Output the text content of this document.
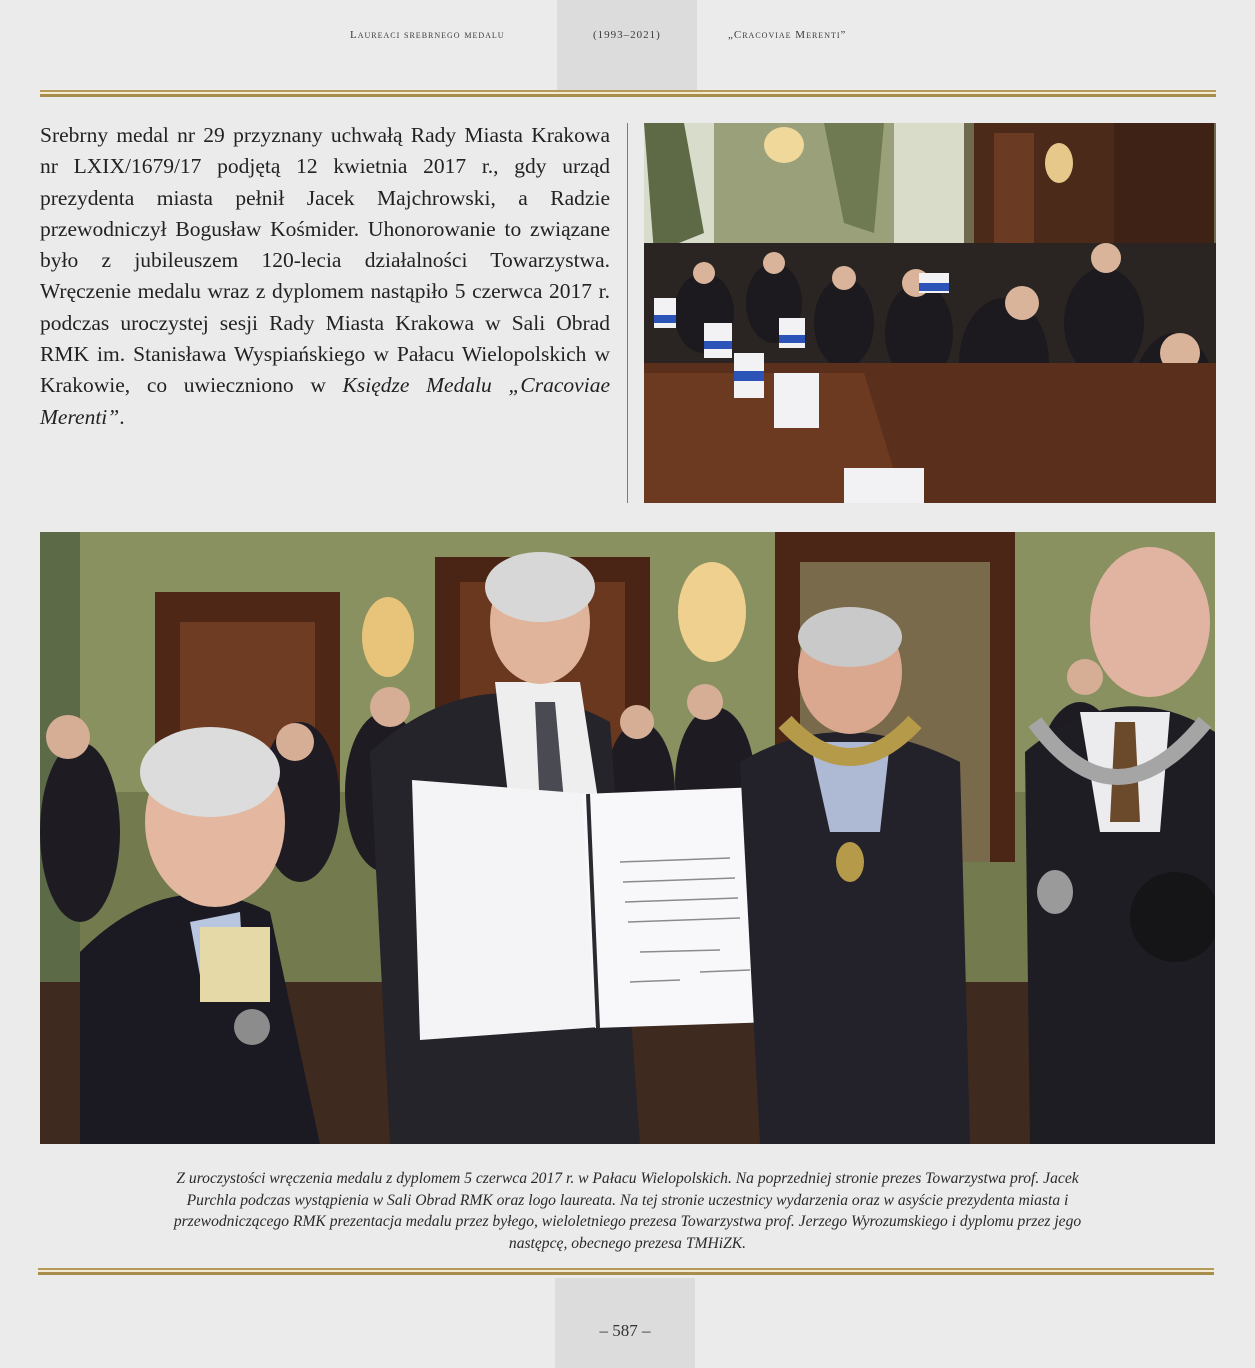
Laureaci srebrnego medalu	(1993–2021)	„Cracoviae Merenti”

Srebrny medal nr 29 przyznany uchwałą Rady Miasta Krakowa nr LXIX/1679/17 podjętą 12 kwietnia 2017 r., gdy urząd prezydenta miasta pełnił Jacek Majchrowski, a Radzie przewodniczył Bogusław Kośmider. Uhonorowanie to związane było z jubileuszem 120-lecia działalności Towarzystwa. Wręczenie medalu wraz z dyplomem nastąpiło 5 czerwca 2017 r. podczas uroczystej sesji Rady Miasta Krakowa w Sali Obrad RMK im. Stanisława Wyspiańskiego w Pałacu Wielopolskich w Krakowie, co uwieczniono w Księdze Medalu „Cracoviae Merenti”.

Z uroczystości wręczenia medalu z dyplomem 5 czerwca 2017 r. w Pałacu Wielopolskich. Na poprzedniej stronie prezes Towarzystwa prof. Jacek Purchla podczas wystąpienia w Sali Obrad RMK oraz logo laureata. Na tej stronie uczestnicy wydarzenia oraz w asyście prezydenta miasta i przewodniczącego RMK prezentacja medalu przez byłego, wieloletniego prezesa Towarzystwa prof. Jerzego Wyrozumskiego i dyplomu przez jego następcę, obecnego prezesa TMHiZK.

– 587 –
